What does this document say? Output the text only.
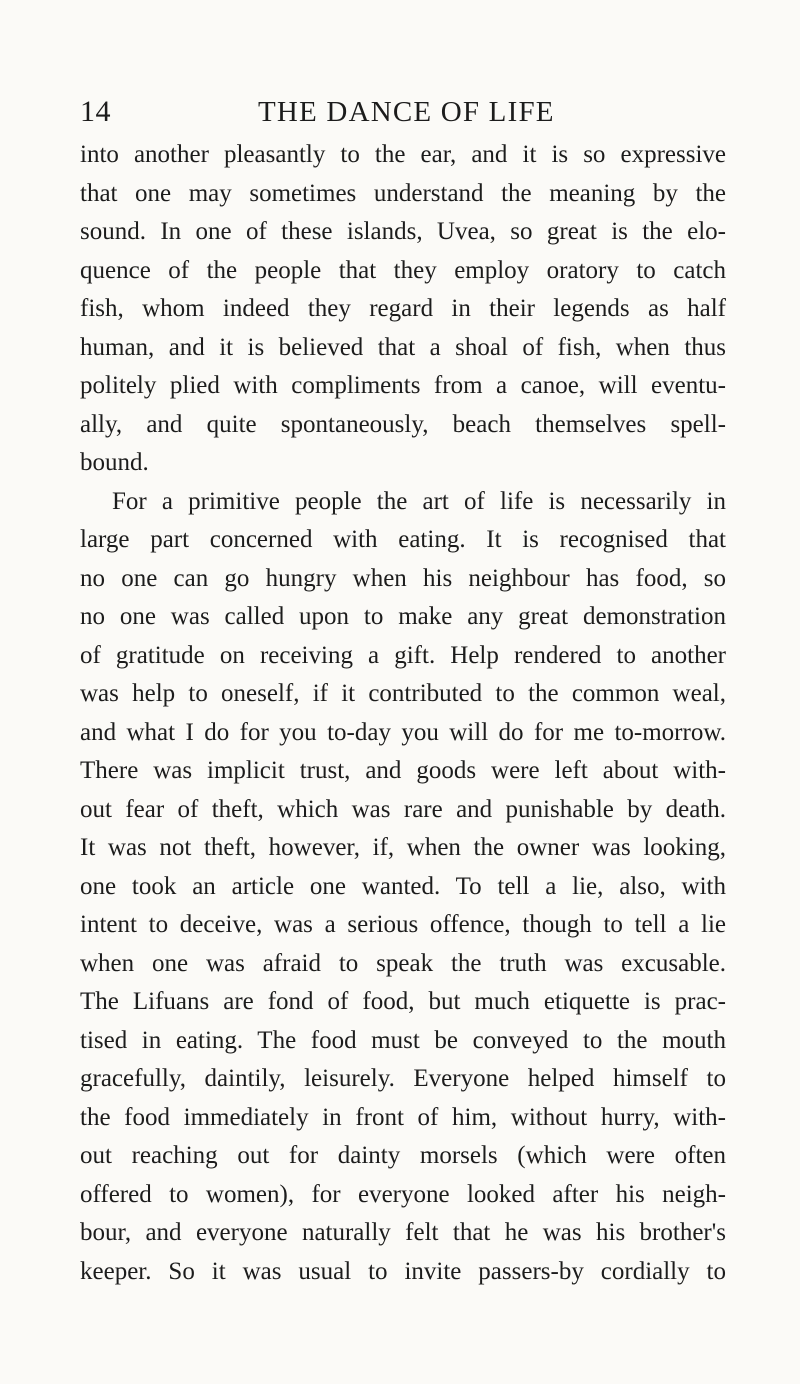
14	THE DANCE OF LIFE
into another pleasantly to the ear, and it is so expressive
that one may sometimes understand the meaning by the
sound. In one of these islands, Uvea, so great is the elo-
quence of the people that they employ oratory to catch
fish, whom indeed they regard in their legends as half
human, and it is believed that a shoal of fish, when thus
politely plied with compliments from a canoe, will eventu-
ally, and quite spontaneously, beach themselves spell-
bound.
For a primitive people the art of life is necessarily in
large part concerned with eating. It is recognised that
no one can go hungry when his neighbour has food, so
no one was called upon to make any great demonstration
of gratitude on receiving a gift. Help rendered to another
was help to oneself, if it contributed to the common weal,
and what I do for you to-day you will do for me to-morrow.
There was implicit trust, and goods were left about with-
out fear of theft, which was rare and punishable by death.
It was not theft, however, if, when the owner was looking,
one took an article one wanted. To tell a lie, also, with
intent to deceive, was a serious offence, though to tell a lie
when one was afraid to speak the truth was excusable.
The Lifuans are fond of food, but much etiquette is prac-
tised in eating. The food must be conveyed to the mouth
gracefully, daintily, leisurely. Everyone helped himself to
the food immediately in front of him, without hurry, with-
out reaching out for dainty morsels (which were often
offered to women), for everyone looked after his neigh-
bour, and everyone naturally felt that he was his brother's
keeper. So it was usual to invite passers-by cordially to
